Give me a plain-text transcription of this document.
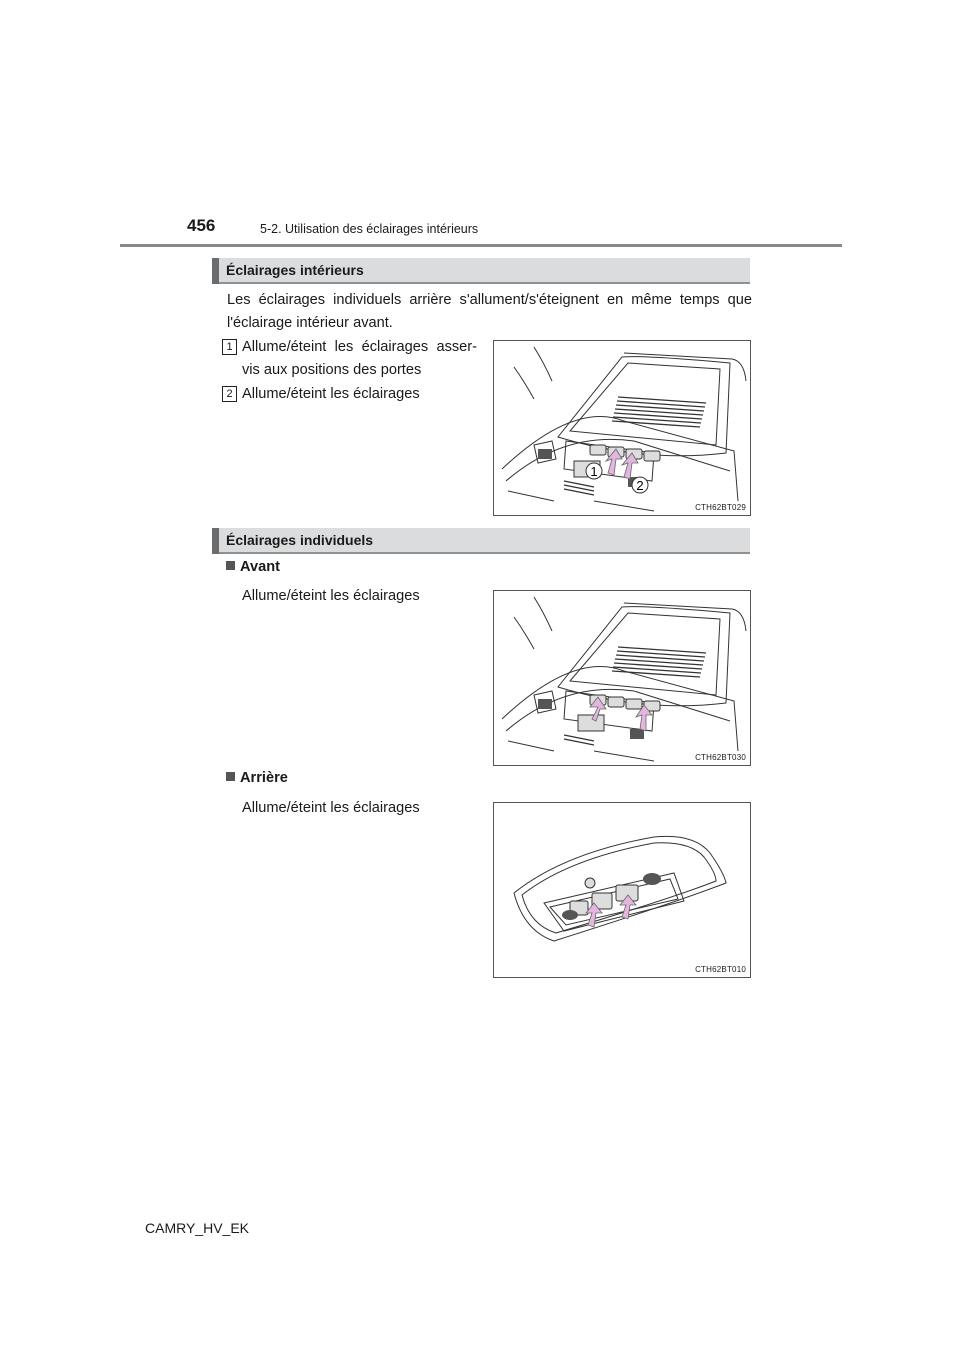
456	5-2. Utilisation des éclairages intérieurs
Éclairages intérieurs
Les éclairages individuels arrière s'allument/s'éteignent en même temps que
l'éclairage intérieur avant.
1 Allume/éteint les éclairages asser-
vis aux positions des portes
2 Allume/éteint les éclairages
1
2
CTH62BT029
Éclairages individuels
Avant
Allume/éteint les éclairages
CTH62BT030
Arrière
Allume/éteint les éclairages
CTH62BT010
CAMRY_HV_EK
